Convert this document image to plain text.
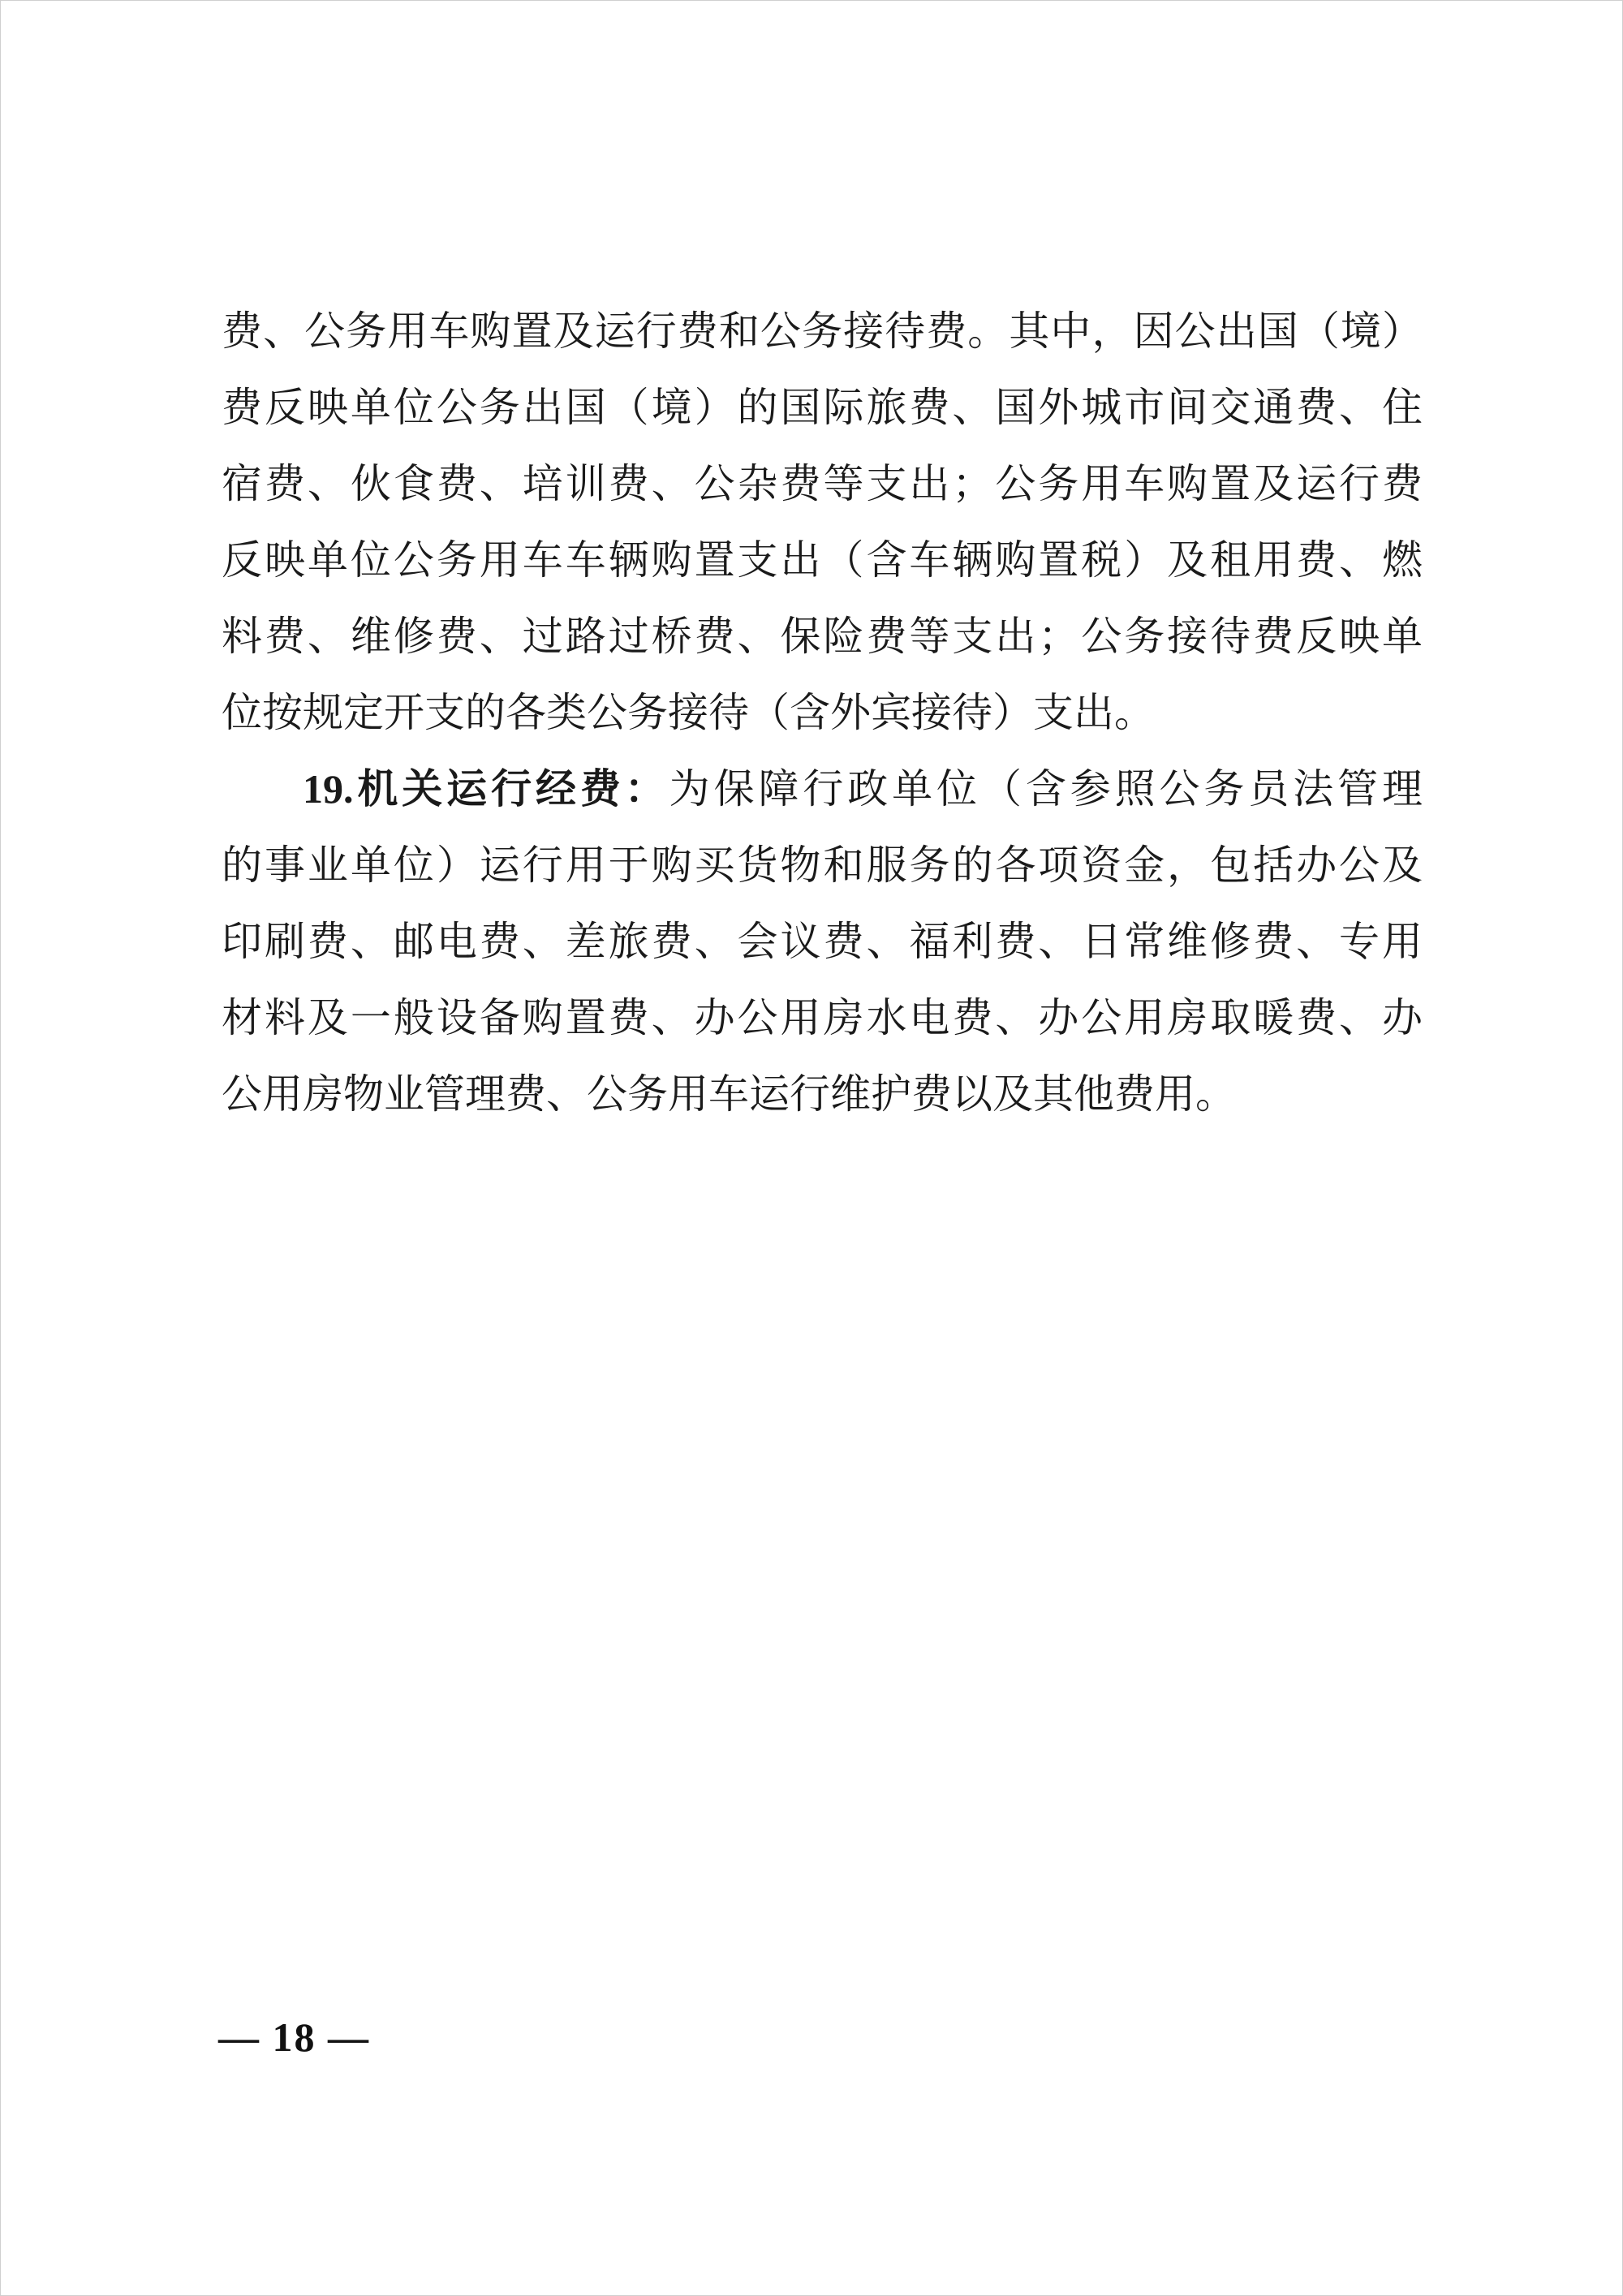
费、公务用车购置及运行费和公务接待费。其中，因公出国（境）

费反映单位公务出国（境）的国际旅费、国外城市间交通费、住

宿费、伙食费、培训费、公杂费等支出；公务用车购置及运行费

反映单位公务用车车辆购置支出（含车辆购置税）及租用费、燃

料费、维修费、过路过桥费、保险费等支出；公务接待费反映单

位按规定开支的各类公务接待（含外宾接待）支出。

19.机关运行经费：为保障行政单位（含参照公务员法管理

的事业单位）运行用于购买货物和服务的各项资金，包括办公及

印刷费、邮电费、差旅费、会议费、福利费、日常维修费、专用

材料及一般设备购置费、办公用房水电费、办公用房取暖费、办

公用房物业管理费、公务用车运行维护费以及其他费用。

— 18 —
